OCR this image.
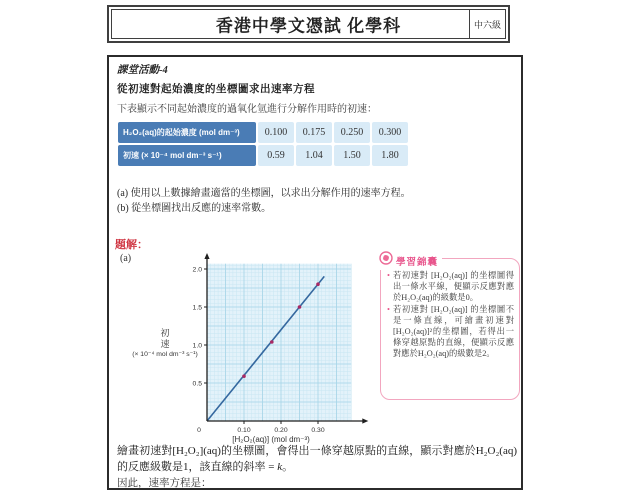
香港中學文憑試 化學科	中六級
課堂活動-4
從初速對起始濃度的坐標圖求出速率方程
下表顯示不同起始濃度的過氧化氫進行分解作用時的初速：
H₂O₂(aq)的起始濃度 (mol dm⁻³)	0.100	0.175	0.250	0.300
初速 (× 10⁻⁴ mol dm⁻³ s⁻¹)	0.59	1.04	1.50	1.80
(a) 使用以上數據繪畫適當的坐標圖，以求出分解作用的速率方程。
(b) 從坐標圖找出反應的速率常數。
題解：
(a)
初
速
(× 10⁻⁴ mol dm⁻³ s⁻¹)
0.5
1.0
1.5
2.0
0.10	0.20	0.30
0
[H₂O₂(aq)] (mol dm⁻³)
學習錦囊
• 若初速對 [H₂O₂(aq)] 的坐標圖得出一條水平線，便顯示反應對應於H₂O₂(aq)的級數是0。
• 若初速對 [H₂O₂(aq)] 的坐標圖不是一條直線，可繪畫初速對[H₂O₂(aq)]²的坐標圖，若得出一條穿越原點的直線，便顯示反應對應於H₂O₂(aq)的級數是2。
繪畫初速對[H₂O₂](aq)的坐標圖，會得出一條穿越原點的直線，顯示對應於H₂O₂(aq)的反應級數是1，該直線的斜率 = k。
因此，速率方程是：
